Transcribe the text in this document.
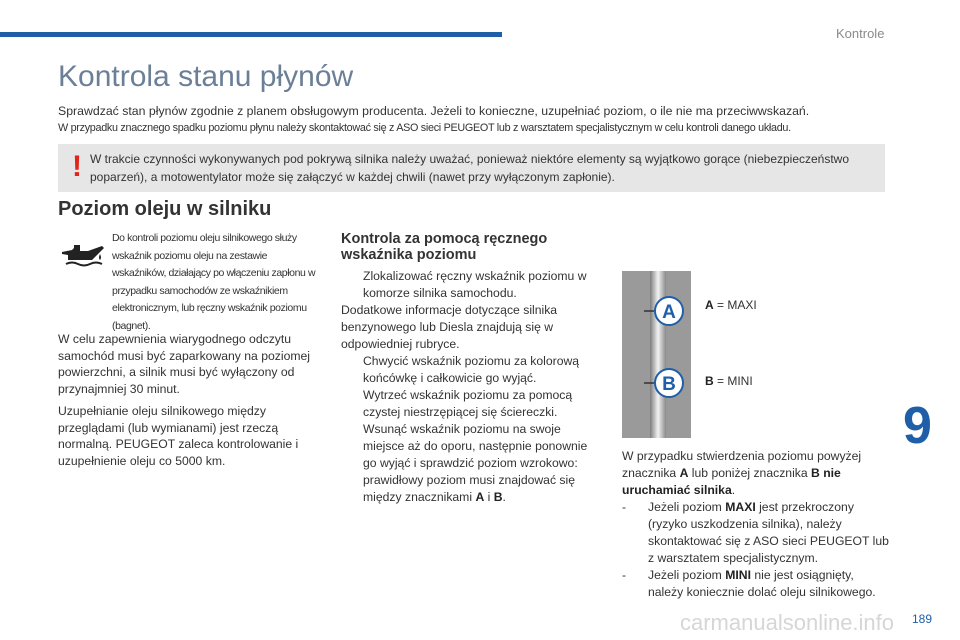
Kontrole
Kontrola stanu płynów
Sprawdzać stan płynów zgodnie z planem obsługowym producenta. Jeżeli to konieczne, uzupełniać poziom, o ile nie ma przeciwwskazań.
W przypadku znacznego spadku poziomu płynu należy skontaktować się z ASO sieci PEUGEOT lub z warsztatem specjalistycznym w celu kontroli danego układu.
! W trakcie czynności wykonywanych pod pokrywą silnika należy uważać, ponieważ niektóre elementy są wyjątkowo gorące (niebezpieczeństwo poparzeń), a motowentylator może się załączyć w każdej chwili (nawet przy wyłączonym zapłonie).
Poziom oleju w silniku
Do kontroli poziomu oleju silnikowego służy wskaźnik poziomu oleju na zestawie wskaźników, działający po włączeniu zapłonu w przypadku samochodów ze wskaźnikiem elektronicznym, lub ręczny wskaźnik poziomu (bagnet).
W celu zapewnienia wiarygodnego odczytu samochód musi być zaparkowany na poziomej powierzchni, a silnik musi być wyłączony od przynajmniej 30 minut.
Uzupełnianie oleju silnikowego między przeglądami (lub wymianami) jest rzeczą normalną. PEUGEOT zaleca kontrolowanie i uzupełnienie oleju co 5000 km.
Kontrola za pomocą ręcznego wskaźnika poziomu
Zlokalizować ręczny wskaźnik poziomu w komorze silnika samochodu.

Dodatkowe informacje dotyczące silnika benzynowego lub Diesla znajdują się w odpowiedniej rubryce.

Chwycić wskaźnik poziomu za kolorową końcówkę i całkowicie go wyjąć.
Wytrzeć wskaźnik poziomu za pomocą czystej niestrzępiącej się ściereczki.
Wsunąć wskaźnik poziomu na swoje miejsce aż do oporu, następnie ponownie go wyjąć i sprawdzić poziom wzrokowo: prawidłowy poziom musi znajdować się między znacznikami A i B.
A
B
A = MAXI
B = MINI
W przypadku stwierdzenia poziomu powyżej znacznika A lub poniżej znacznika B nie uruchamiać silnika.
-	Jeżeli poziom MAXI jest przekroczony (ryzyko uszkodzenia silnika), należy skontaktować się z ASO sieci PEUGEOT lub z warsztatem specjalistycznym.
-	Jeżeli poziom MINI nie jest osiągnięty, należy koniecznie dolać oleju silnikowego.
9
carmanualsonline.info 189
